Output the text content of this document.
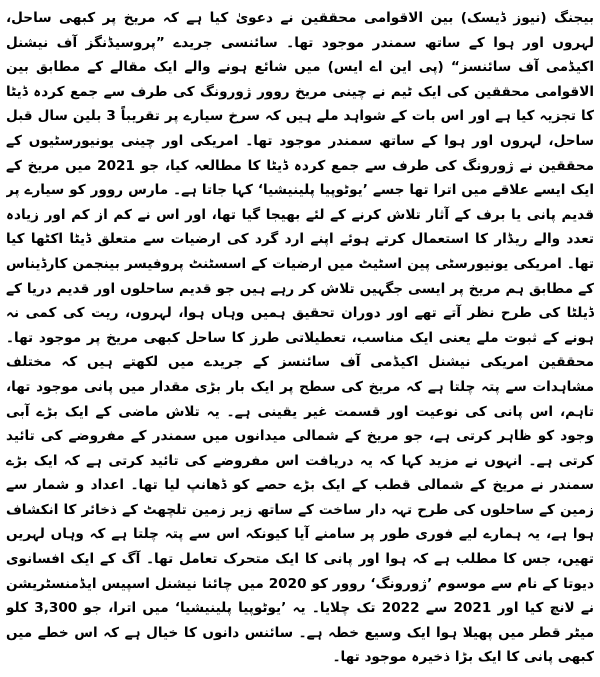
بیجنگ (نیوز ڈیسک) بین الاقوامی محققین نے دعویٰ کیا ہے کہ مریخ پر کبھی ساحل، لہروں اور ہوا کے ساتھ سمندر موجود تھا۔ سائنسی جریدے ”پروسیڈنگز آف نیشنل اکیڈمی آف سائنسز“ (پی این اے ایس) میں شائع ہونے والے ایک مقالے کے مطابق بین الاقوامی محققین کی ایک ٹیم نے چینی مریخ روور ژورونگ کی طرف سے جمع کردہ ڈیٹا کا تجزیہ کیا ہے اور اس بات کے شواہد ملے ہیں کہ سرخ سیارے پر تقریباً 3 بلین سال قبل ساحل، لہروں اور ہوا کے ساتھ سمندر موجود تھا۔ امریکی اور چینی یونیورسٹیوں کے محققین نے ژورونگ کی طرف سے جمع کردہ ڈیٹا کا مطالعہ کیا، جو 2021 میں مریخ کے ایک ایسے علاقے میں اترا تھا جسے ’یوٹوپیا پلینیشیا‘ کہا جاتا ہے۔ مارس روور کو سیارے پر قدیم پانی یا برف کے آثار تلاش کرنے کے لئے بھیجا گیا تھا، اور اس نے کم از کم اور زیادہ تعدد والے ریڈار کا استعمال کرتے ہوئے اپنے ارد گرد کی ارضیات سے متعلق ڈیٹا اکٹھا کیا تھا۔ امریکی یونیورسٹی پین اسٹیٹ میں ارضیات کے اسسٹنٹ پروفیسر بینجمن کارڈیناس کے مطابق ہم مریخ پر ایسی جگہیں تلاش کر رہے ہیں جو قدیم ساحلوں اور قدیم دریا کے ڈیلٹا کی طرح نظر آتے تھے اور دوران تحقیق ہمیں وہاں ہوا، لہروں، ریت کی کمی نہ ہونے کے ثبوت ملے یعنی ایک مناسب، تعطیلاتی طرز کا ساحل کبھی مریخ پر موجود تھا۔ محققین امریکی نیشنل اکیڈمی آف سائنسز کے جریدے میں لکھتے ہیں کہ مختلف مشاہدات سے پتہ چلتا ہے کہ مریخ کی سطح پر ایک بار بڑی مقدار میں پانی موجود تھا، تاہم، اس پانی کی نوعیت اور قسمت غیر یقینی ہے۔ یہ تلاش ماضی کے ایک بڑے آبی وجود کو ظاہر کرتی ہے، جو مریخ کے شمالی میدانوں میں سمندر کے مفروضے کی تائید کرتی ہے۔ انہوں نے مزید کہا کہ یہ دریافت اس مفروضے کی تائید کرتی ہے کہ ایک بڑے سمندر نے مریخ کے شمالی قطب کے ایک بڑے حصے کو ڈھانپ لیا تھا۔ اعداد و شمار سے زمین کے ساحلوں کی طرح تہہ دار ساخت کے ساتھ زیر زمین تلچھٹ کے ذخائر کا انکشاف ہوا ہے، یہ ہمارے لیے فوری طور پر سامنے آیا کیونکہ اس سے پتہ چلتا ہے کہ وہاں لہریں تھیں، جس کا مطلب ہے کہ ہوا اور پانی کا ایک متحرک تعامل تھا۔ آگ کے ایک افسانوی دیوتا کے نام سے موسوم ’ژورونگ‘ روور کو 2020 میں چائنا نیشنل اسپیس ایڈمنسٹریشن نے لانچ کیا اور 2021 سے 2022 تک چلایا۔ یہ ’یوٹوپیا پلینیشیا‘ میں اترا، جو 3,300 کلو میٹر قطر میں پھیلا ہوا ایک وسیع خطہ ہے۔ سائنس دانوں کا خیال ہے کہ اس خطے میں کبھی پانی کا ایک بڑا ذخیرہ موجود تھا۔
